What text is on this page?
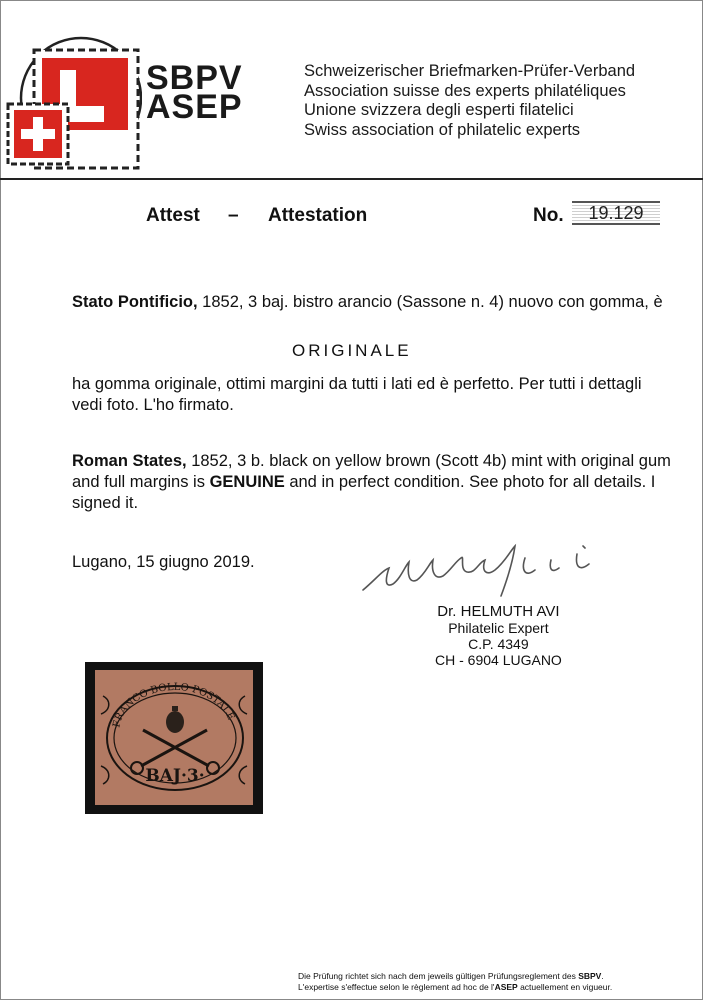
SBPV
ASEP
Schweizerischer Briefmarken-Prüfer-Verband
Association suisse des experts philatéliques
Unione svizzera degli esperti filatelici
Swiss association of philatelic experts
Attest – Attestation	No.	19.129
Stato Pontificio, 1852, 3 baj. bistro arancio (Sassone n. 4) nuovo con gomma, è
ORIGINALE
ha gomma originale, ottimi margini da tutti i lati ed è perfetto. Per tutti i dettagli vedi foto. L'ho firmato.
Roman States, 1852, 3 b. black on yellow brown (Scott 4b) mint with original gum and full margins is GENUINE and in perfect condition. See photo for all details. I signed it.
Lugano, 15 giugno 2019.
Dr. HELMUTH AVI
Philatelic Expert
C.P. 4349
CH - 6904 LUGANO
FRANCO BOLLO POSTALE
BAJ·3·
Die Prüfung richtet sich nach dem jeweils gültigen Prüfungsreglement des SBPV.
L'expertise s'effectue selon le règlement ad hoc de l'ASEP actuellement en vigueur.
